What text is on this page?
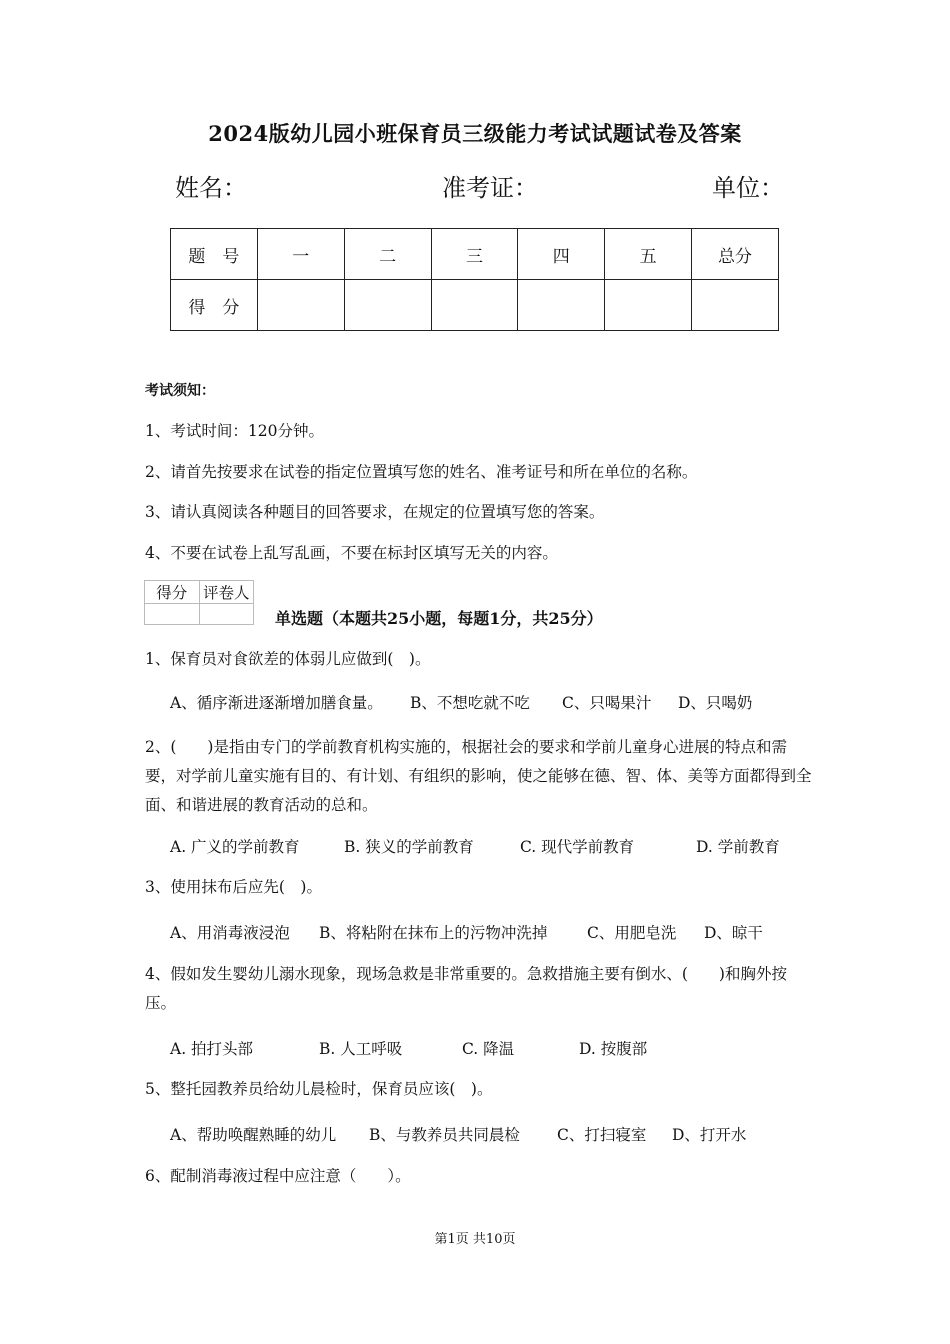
2024版幼儿园小班保育员三级能力考试试题试卷及答案
姓名：	准考证：	单位：
题　号	一	二	三	四	五	总分
得　分						
考试须知：
1、考试时间：120分钟。
2、请首先按要求在试卷的指定位置填写您的姓名、准考证号和所在单位的名称。
3、请认真阅读各种题目的回答要求，在规定的位置填写您的答案。
4、不要在试卷上乱写乱画，不要在标封区填写无关的内容。
得分	评卷人

单选题（本题共25小题，每题1分，共25分）
1、保育员对食欲差的体弱儿应做到(　)。
A、循序渐进逐渐增加膳食量。 B、不想吃就不吃 C、只喝果汁 D、只喝奶
2、(　　)是指由专门的学前教育机构实施的，根据社会的要求和学前儿童身心进展的特点和需要，对学前儿童实施有目的、有计划、有组织的影响，使之能够在德、智、体、美等方面都得到全面、和谐进展的教育活动的总和。
A. 广义的学前教育	B. 狭义的学前教育	C. 现代学前教育	D. 学前教育
3、使用抹布后应先(　)。
A、用消毒液浸泡 B、将粘附在抹布上的污物冲洗掉	C、用肥皂洗 D、晾干
4、假如发生婴幼儿溺水现象，现场急救是非常重要的。急救措施主要有倒水、(　　)和胸外按压。
A. 拍打头部	B. 人工呼吸	C. 降温	D. 按腹部
5、整托园教养员给幼儿晨检时，保育员应该(　)。
A、帮助唤醒熟睡的幼儿 B、与教养员共同晨检 C、打扫寝室 D、打开水
6、配制消毒液过程中应注意（　　）。
第1页 共10页
